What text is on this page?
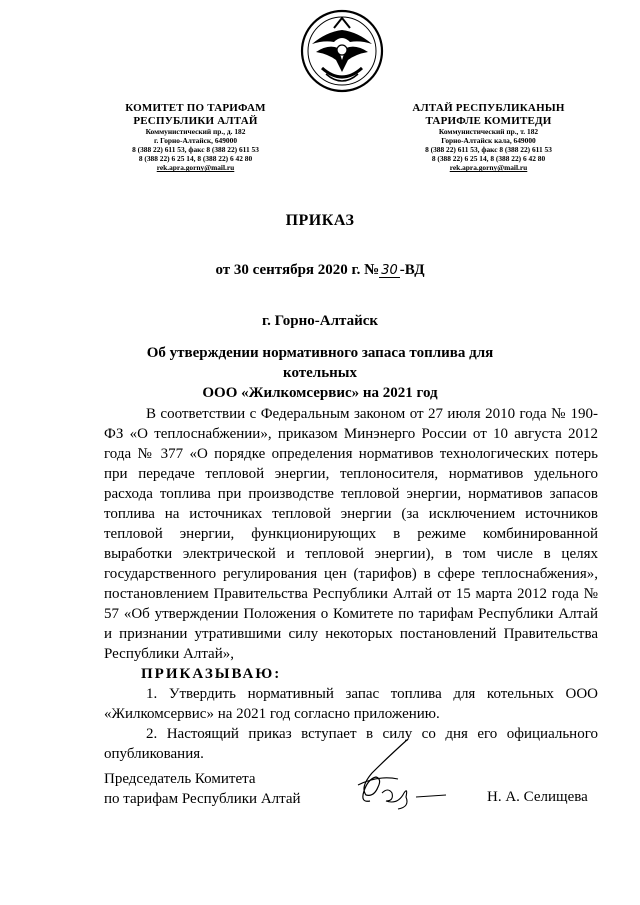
КОМИТЕТ ПО ТАРИФАМ
РЕСПУБЛИКИ АЛТАЙ
Коммунистический пр., д. 182
г. Горно-Алтайск, 649000
8 (388 22) 611 53, факс 8 (388 22) 611 53
8 (388 22) 6 25 14, 8 (388 22) 6 42 80
rek.apra.gorny@mail.ru
АЛТАЙ РЕСПУБЛИКАНЫН
ТАРИФЛЕ КОМИТЕДИ
Коммунистический пр., т. 182
Горно-Алтайск кала, 649000
8 (388 22) 611 53, факс 8 (388 22) 611 53
8 (388 22) 6 25 14, 8 (388 22) 6 42 80
rek.apra.gorny@mail.ru
ПРИКАЗ
от 30 сентября 2020 г. № 30 -ВД
г. Горно-Алтайск
Об утверждении нормативного запаса топлива для котельных
ООО «Жилкомсервис» на 2021 год

В соответствии с Федеральным законом от 27 июля 2010 года № 190-ФЗ «О теплоснабжении», приказом Минэнерго России от 10 августа 2012 года № 377 «О порядке определения нормативов технологических потерь при передаче тепловой энергии, теплоносителя, нормативов удельного расхода топлива при производстве тепловой энергии, нормативов запасов топлива на источниках тепловой энергии (за исключением источников тепловой энергии, функционирующих в режиме комбинированной выработки электрической и тепловой энергии), в том числе в целях государственного регулирования цен (тарифов) в сфере теплоснабжения», постановлением Правительства Республики Алтай от 15 марта 2012 года № 57 «Об утверждении Положения о Комитете по тарифам Республики Алтай и признании утратившими силу некоторых постановлений Правительства Республики Алтай»,

ПРИКАЗЫВАЮ:

1. Утвердить нормативный запас топлива для котельных ООО «Жилкомсервис» на 2021 год согласно приложению.

2. Настоящий приказ вступает в силу со дня его официального опубликования.

Председатель Комитета
по тарифам Республики Алтай	Н. А. Селищева
